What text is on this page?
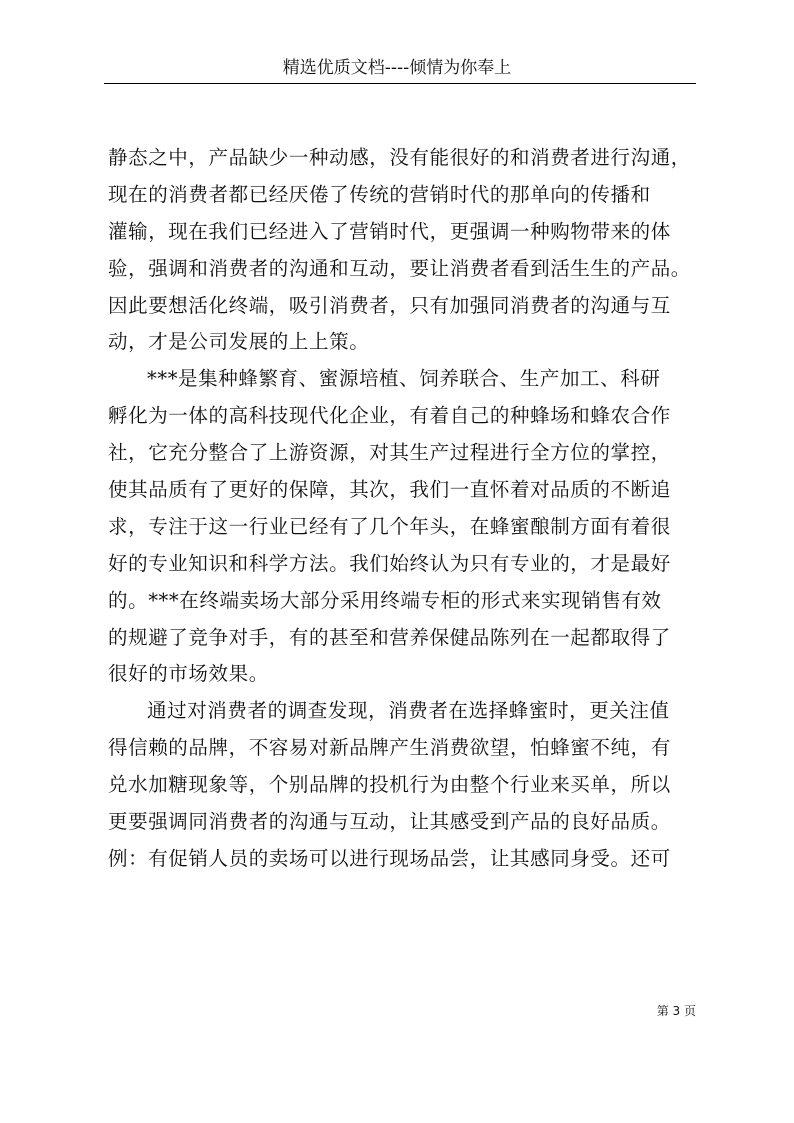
精选优质文档----倾情为你奉上
静态之中，产品缺少一种动感，没有能很好的和消费者进行沟通，
现在的消费者都已经厌倦了传统的营销时代的那单向的传播和
灌输，现在我们已经进入了营销时代，更强调一种购物带来的体
验，强调和消费者的沟通和互动，要让消费者看到活生生的产品。
因此要想活化终端，吸引消费者，只有加强同消费者的沟通与互
动，才是公司发展的上上策。
***是集种蜂繁育、蜜源培植、饲养联合、生产加工、科研
孵化为一体的高科技现代化企业，有着自己的种蜂场和蜂农合作
社，它充分整合了上游资源，对其生产过程进行全方位的掌控，
使其品质有了更好的保障，其次，我们一直怀着对品质的不断追
求，专注于这一行业已经有了几个年头，在蜂蜜酿制方面有着很
好的专业知识和科学方法。我们始终认为只有专业的，才是最好
的。***在终端卖场大部分采用终端专柜的形式来实现销售有效
的规避了竞争对手，有的甚至和营养保健品陈列在一起都取得了
很好的市场效果。
通过对消费者的调查发现，消费者在选择蜂蜜时，更关注值
得信赖的品牌，不容易对新品牌产生消费欲望，怕蜂蜜不纯，有
兑水加糖现象等，个别品牌的投机行为由整个行业来买单，所以
更要强调同消费者的沟通与互动，让其感受到产品的良好品质。
例：有促销人员的卖场可以进行现场品尝，让其感同身受。还可
第 3 页
